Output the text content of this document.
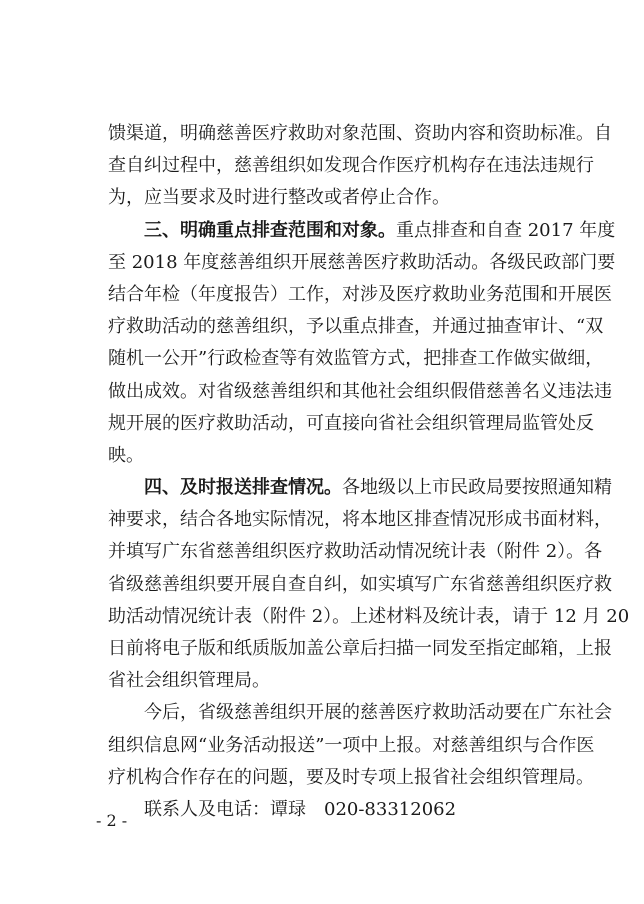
馈渠道，明确慈善医疗救助对象范围、资助内容和资助标准。自
查自纠过程中，慈善组织如发现合作医疗机构存在违法违规行
为，应当要求及时进行整改或者停止合作。
三、明确重点排查范围和对象。重点排查和自查 2017 年度
至 2018 年度慈善组织开展慈善医疗救助活动。各级民政部门要
结合年检（年度报告）工作，对涉及医疗救助业务范围和开展医
疗救助活动的慈善组织，予以重点排查，并通过抽查审计、“双
随机一公开”行政检查等有效监管方式，把排查工作做实做细，
做出成效。对省级慈善组织和其他社会组织假借慈善名义违法违
规开展的医疗救助活动，可直接向省社会组织管理局监管处反
映。
四、及时报送排查情况。各地级以上市民政局要按照通知精
神要求，结合各地实际情况，将本地区排查情况形成书面材料，
并填写广东省慈善组织医疗救助活动情况统计表（附件 2）。各
省级慈善组织要开展自查自纠，如实填写广东省慈善组织医疗救
助活动情况统计表（附件 2）。上述材料及统计表，请于 12 月 20
日前将电子版和纸质版加盖公章后扫描一同发至指定邮箱，上报
省社会组织管理局。
今后，省级慈善组织开展的慈善医疗救助活动要在广东社会
组织信息网“业务活动报送”一项中上报。对慈善组织与合作医
疗机构合作存在的问题，要及时专项上报省社会组织管理局。
联系人及电话：谭琭　020-83312062
- 2 -
